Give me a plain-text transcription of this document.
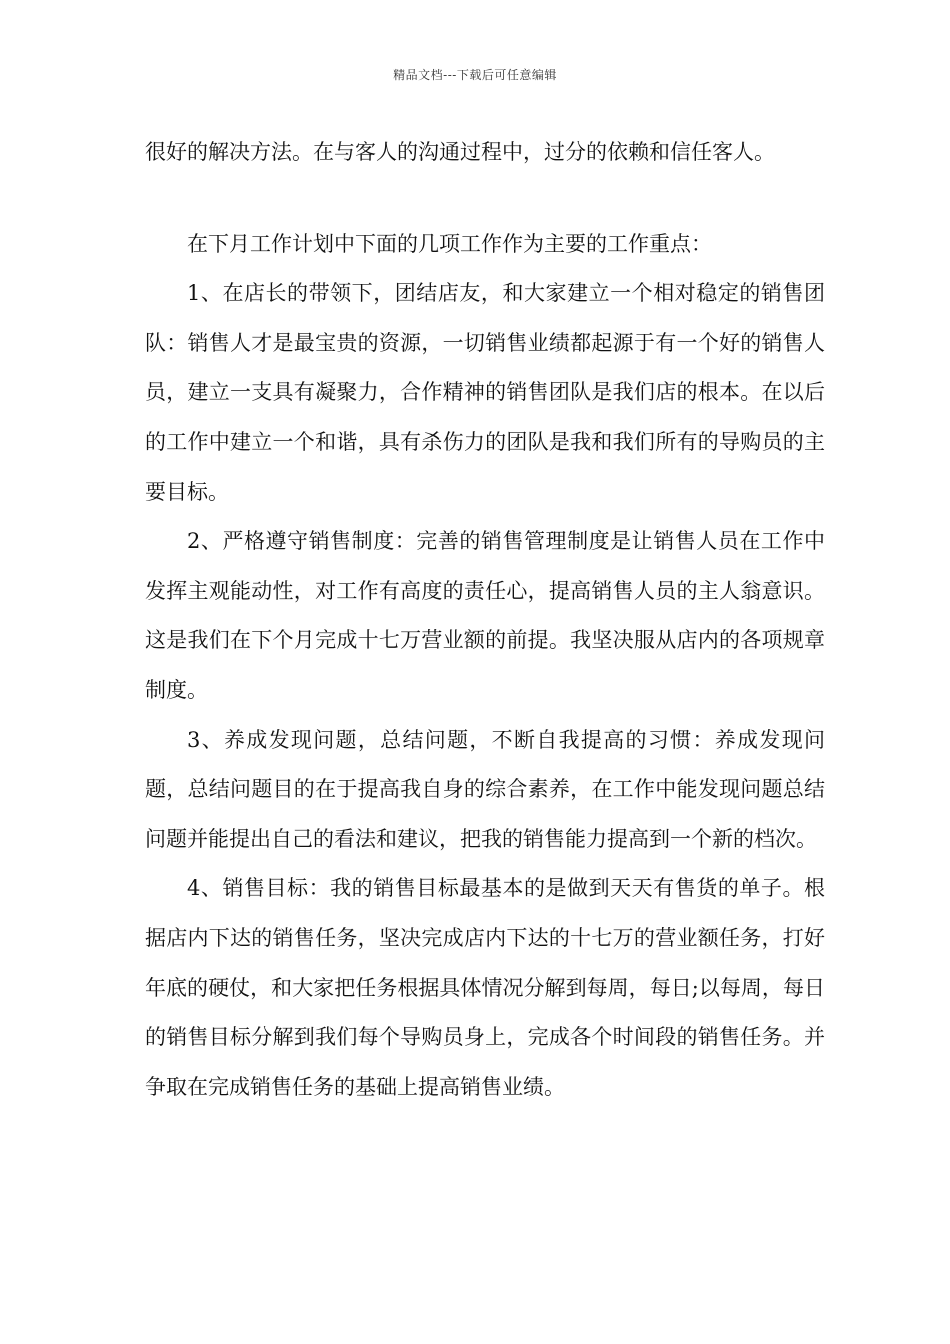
精品文档---下载后可任意编辑

很好的解决方法。在与客人的沟通过程中，过分的依赖和信任客人。

在下月工作计划中下面的几项工作作为主要的工作重点：

1、在店长的带领下，团结店友，和大家建立一个相对稳定的销售团队：销售人才是最宝贵的资源，一切销售业绩都起源于有一个好的销售人员，建立一支具有凝聚力，合作精神的销售团队是我们店的根本。在以后的工作中建立一个和谐，具有杀伤力的团队是我和我们所有的导购员的主要目标。

2、严格遵守销售制度：完善的销售管理制度是让销售人员在工作中发挥主观能动性，对工作有高度的责任心，提高销售人员的主人翁意识。这是我们在下个月完成十七万营业额的前提。我坚决服从店内的各项规章制度。

3、养成发现问题，总结问题，不断自我提高的习惯：养成发现问题，总结问题目的在于提高我自身的综合素养，在工作中能发现问题总结问题并能提出自己的看法和建议，把我的销售能力提高到一个新的档次。

4、销售目标：我的销售目标最基本的是做到天天有售货的单子。根据店内下达的销售任务，坚决完成店内下达的十七万的营业额任务，打好年底的硬仗，和大家把任务根据具体情况分解到每周，每日;以每周，每日的销售目标分解到我们每个导购员身上，完成各个时间段的销售任务。并争取在完成销售任务的基础上提高销售业绩。
